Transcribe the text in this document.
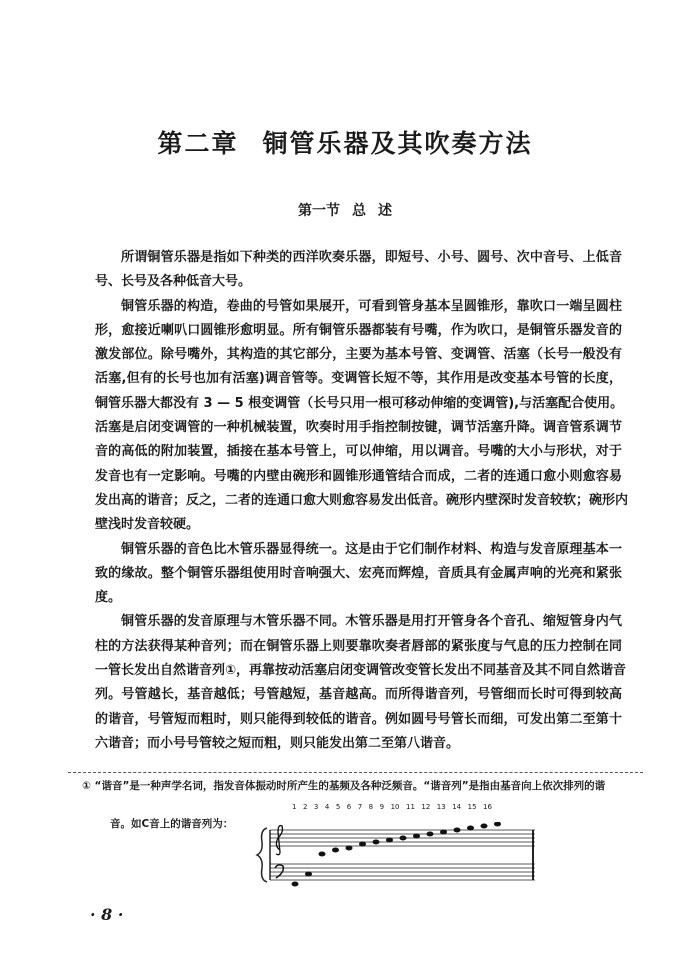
第二章 铜管乐器及其吹奏方法
第一节 总 述
所谓铜管乐器是指如下种类的西洋吹奏乐器，即短号、小号、圆号、次中音号、上低音
号、长号及各种低音大号。
铜管乐器的构造，卷曲的号管如果展开，可看到管身基本呈圆锥形，靠吹口一端呈圆柱
形，愈接近喇叭口圆锥形愈明显。所有铜管乐器都装有号嘴，作为吹口，是铜管乐器发音的
激发部位。除号嘴外，其构造的其它部分，主要为基本号管、变调管、活塞（长号一般没有
活塞,但有的长号也加有活塞)调音管等。变调管长短不等，其作用是改变基本号管的长度，
铜管乐器大都没有 3 — 5 根变调管（长号只用一根可移动伸缩的变调管),与活塞配合使用。
活塞是启闭变调管的一种机械装置，吹奏时用手指控制按键，调节活塞升降。调音管系调节
音的高低的附加装置，插接在基本号管上，可以伸缩，用以调音。号嘴的大小与形状，对于
发音也有一定影响。号嘴的内壁由碗形和圆锥形通管结合而成，二者的连通口愈小则愈容易
发出高的谐音；反之，二者的连通口愈大则愈容易发出低音。碗形内壁深时发音较软；碗形内
壁浅时发音较硬。
铜管乐器的音色比木管乐器显得统一。这是由于它们制作材料、构造与发音原理基本一
致的缘故。整个铜管乐器组使用时音响强大、宏亮而辉煌，音质具有金属声响的光亮和紧张
度。
铜管乐器的发音原理与木管乐器不同。木管乐器是用打开管身各个音孔、缩短管身内气
柱的方法获得某种音列；而在铜管乐器上则要靠吹奏者唇部的紧张度与气息的压力控制在同
一管长发出自然谐音列①，再靠按动活塞启闭变调管改变管长发出不同基音及其不同自然谐音
列。号管越长，基音越低；号管越短，基音越高。而所得谐音列，号管细而长时可得到较高
的谐音，号管短而粗时，则只能得到较低的谐音。例如圆号号管长而细，可发出第二至第十
六谐音；而小号号管较之短而粗，则只能发出第二至第八谐音。
① “谐音”是一种声学名词，指发音体振动时所产生的基频及各种泛频音。“谐音列”是指由基音向上依次排列的谐
音。如C音上的谐音列为：
1 2 3 4 5 6 7 8 9 10 11 12 13 14 15 16
· 8 ·
